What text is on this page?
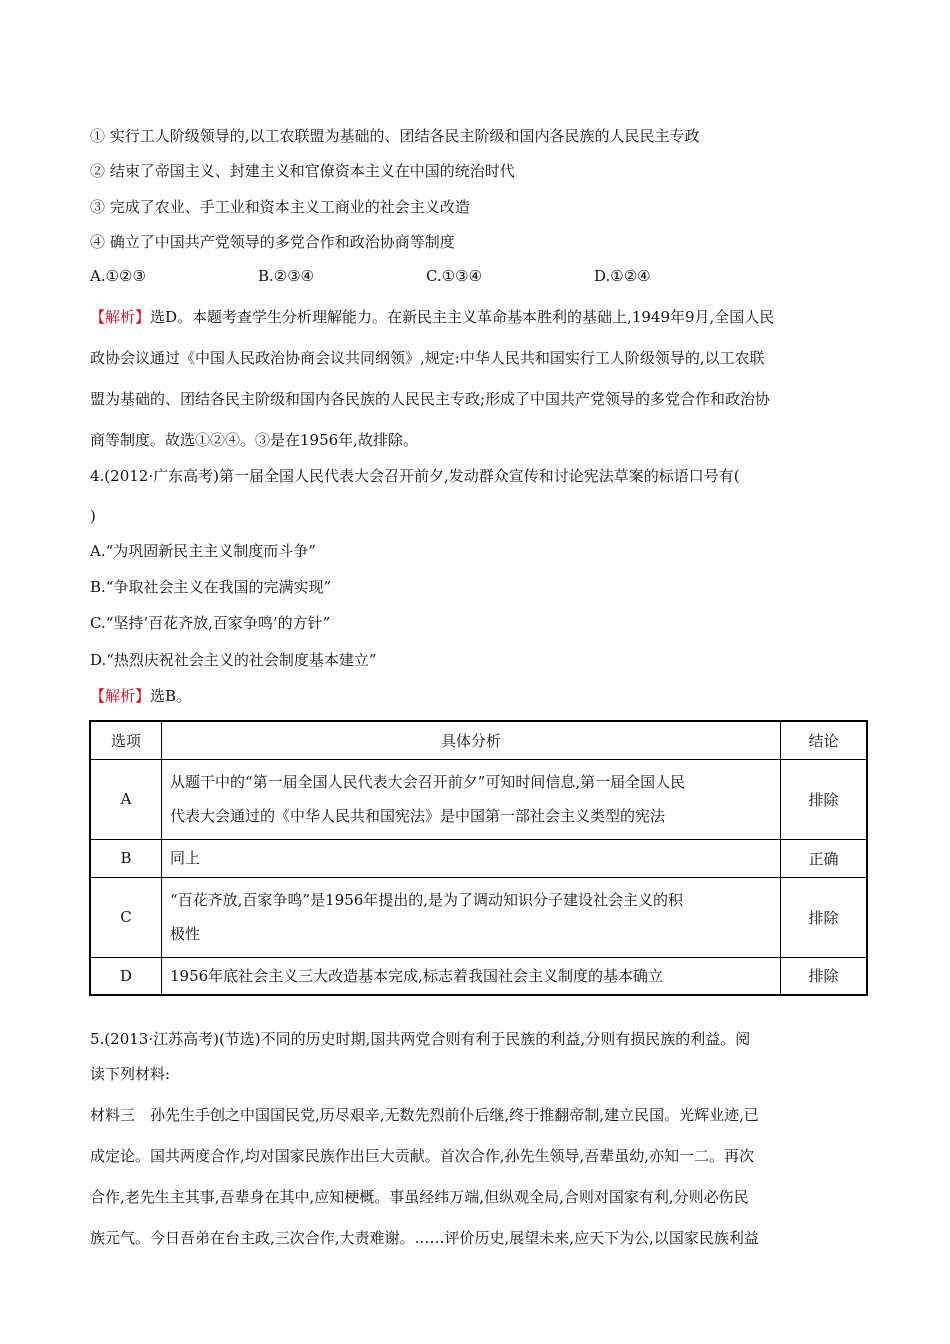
① 实行工人阶级领导的,以工农联盟为基础的、团结各民主阶级和国内各民族的人民民主专政
② 结束了帝国主义、封建主义和官僚资本主义在中国的统治时代
③ 完成了农业、手工业和资本主义工商业的社会主义改造
④ 确立了中国共产党领导的多党合作和政治协商等制度
A.①②③	B.②③④	C.①③④	D.①②④
【解析】选D。本题考查学生分析理解能力。在新民主主义革命基本胜利的基础上,1949年9月,全国人民
政协会议通过《中国人民政治协商会议共同纲领》,规定:中华人民共和国实行工人阶级领导的,以工农联
盟为基础的、团结各民主阶级和国内各民族的人民民主专政;形成了中国共产党领导的多党合作和政治协
商等制度。故选①②④。③是在1956年,故排除。
4.(2012·广东高考)第一届全国人民代表大会召开前夕,发动群众宣传和讨论宪法草案的标语口号有(
)
A.“为巩固新民主主义制度而斗争”
B.“争取社会主义在我国的完满实现”
C.“坚持‘百花齐放,百家争鸣’的方针”
D.“热烈庆祝社会主义的社会制度基本建立”
【解析】选B。
选项	具体分析	结论
A	从题干中的“第一届全国人民代表大会召开前夕”可知时间信息,第一届全国人民
代表大会通过的《中华人民共和国宪法》是中国第一部社会主义类型的宪法	排除
B	同上	正确
C	“百花齐放,百家争鸣”是1956年提出的,是为了调动知识分子建设社会主义的积
极性	排除
D	1956年底社会主义三大改造基本完成,标志着我国社会主义制度的基本确立	排除
5.(2013·江苏高考)(节选)不同的历史时期,国共两党合则有利于民族的利益,分则有损民族的利益。阅
读下列材料:
材料三　孙先生手创之中国国民党,历尽艰辛,无数先烈前仆后继,终于推翻帝制,建立民国。光辉业迹,已
成定论。国共两度合作,均对国家民族作出巨大贡献。首次合作,孙先生领导,吾辈虽幼,亦知一二。再次
合作,老先生主其事,吾辈身在其中,应知梗概。事虽经纬万端,但纵观全局,合则对国家有利,分则必伤民
族元气。今日吾弟在台主政,三次合作,大责难谢。……评价历史,展望未来,应天下为公,以国家民族利益
